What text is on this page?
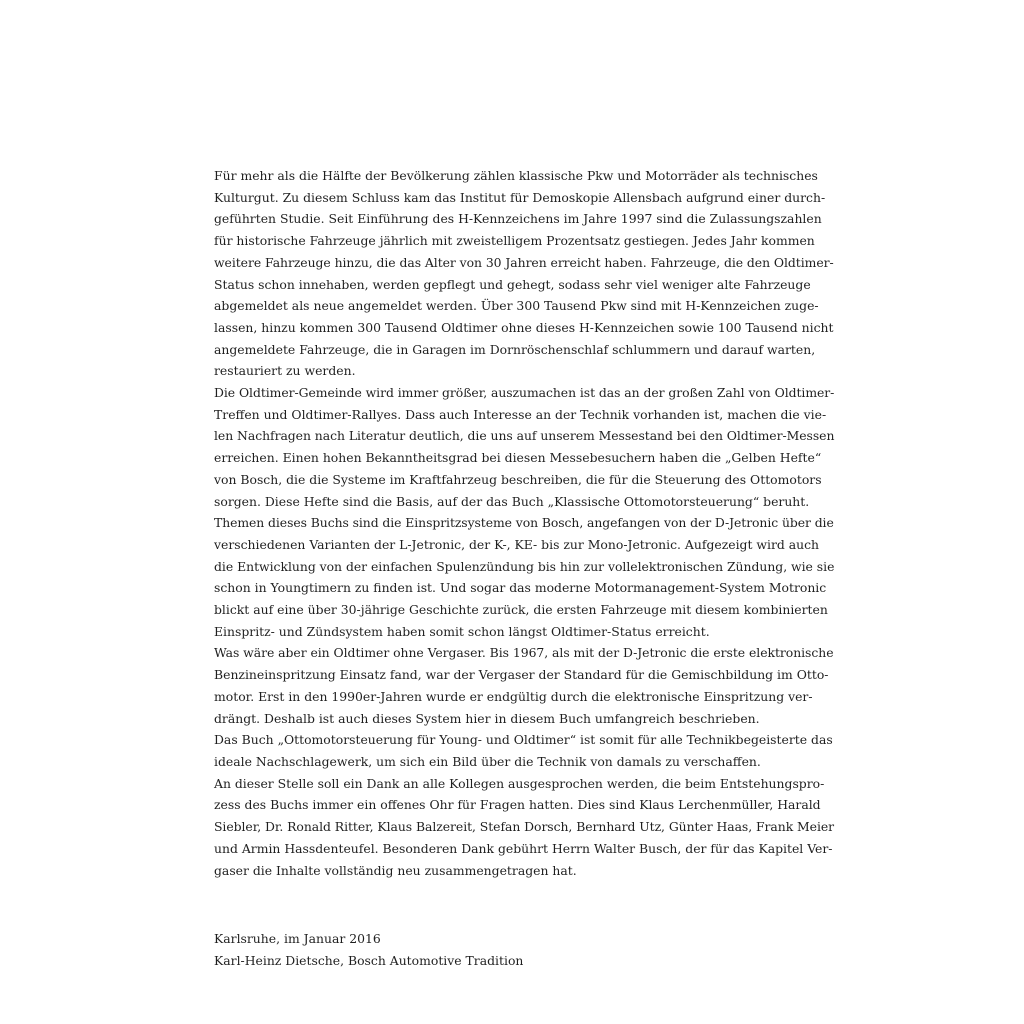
Für mehr als die Hälfte der Bevölkerung zählen klassische Pkw und Motorräder als technisches
Kulturgut. Zu diesem Schluss kam das Institut für Demoskopie Allensbach aufgrund einer durch-
geführten Studie. Seit Einführung des H-Kennzeichens im Jahre 1997 sind die Zulassungszahlen
für historische Fahrzeuge jährlich mit zweistelligem Prozentsatz gestiegen. Jedes Jahr kommen
weitere Fahrzeuge hinzu, die das Alter von 30 Jahren erreicht haben. Fahrzeuge, die den Oldtimer-
Status schon innehaben, werden gepflegt und gehegt, sodass sehr viel weniger alte Fahrzeuge
abgemeldet als neue angemeldet werden. Über 300 Tausend Pkw sind mit H-Kennzeichen zuge-
lassen, hinzu kommen 300 Tausend Oldtimer ohne dieses H-Kennzeichen sowie 100 Tausend nicht
angemeldete Fahrzeuge, die in Garagen im Dornröschenschlaf schlummern und darauf warten,
restauriert zu werden.
Die Oldtimer-Gemeinde wird immer größer, auszumachen ist das an der großen Zahl von Oldtimer-
Treffen und Oldtimer-Rallyes. Dass auch Interesse an der Technik vorhanden ist, machen die vie-
len Nachfragen nach Literatur deutlich, die uns auf unserem Messestand bei den Oldtimer-Messen
erreichen. Einen hohen Bekanntheitsgrad bei diesen Messebesuchern haben die „Gelben Hefte“
von Bosch, die die Systeme im Kraftfahrzeug beschreiben, die für die Steuerung des Ottomotors
sorgen. Diese Hefte sind die Basis, auf der das Buch „Klassische Ottomotorsteuerung“ beruht.
Themen dieses Buchs sind die Einspritzsysteme von Bosch, angefangen von der D-Jetronic über die
verschiedenen Varianten der L-Jetronic, der K-, KE- bis zur Mono-Jetronic. Aufgezeigt wird auch
die Entwicklung von der einfachen Spulenzündung bis hin zur vollelektronischen Zündung, wie sie
schon in Youngtimern zu finden ist. Und sogar das moderne Motormanagement-System Motronic
blickt auf eine über 30-jährige Geschichte zurück, die ersten Fahrzeuge mit diesem kombinierten
Einspritz- und Zündsystem haben somit schon längst Oldtimer-Status erreicht.
Was wäre aber ein Oldtimer ohne Vergaser. Bis 1967, als mit der D-Jetronic die erste elektronische
Benzineinspritzung Einsatz fand, war der Vergaser der Standard für die Gemischbildung im Otto-
motor. Erst in den 1990er-Jahren wurde er endgültig durch die elektronische Einspritzung ver-
drängt. Deshalb ist auch dieses System hier in diesem Buch umfangreich beschrieben.
Das Buch „Ottomotorsteuerung für Young- und Oldtimer“ ist somit für alle Technikbegeisterte das
ideale Nachschlagewerk, um sich ein Bild über die Technik von damals zu verschaffen.
An dieser Stelle soll ein Dank an alle Kollegen ausgesprochen werden, die beim Entstehungspro-
zess des Buchs immer ein offenes Ohr für Fragen hatten. Dies sind Klaus Lerchenmüller, Harald
Siebler, Dr. Ronald Ritter, Klaus Balzereit, Stefan Dorsch, Bernhard Utz, Günter Haas, Frank Meier
und Armin Hassdenteufel. Besonderen Dank gebührt Herrn Walter Busch, der für das Kapitel Ver-
gaser die Inhalte vollständig neu zusammengetragen hat.
Karlsruhe, im Januar 2016
Karl-Heinz Dietsche, Bosch Automotive Tradition
